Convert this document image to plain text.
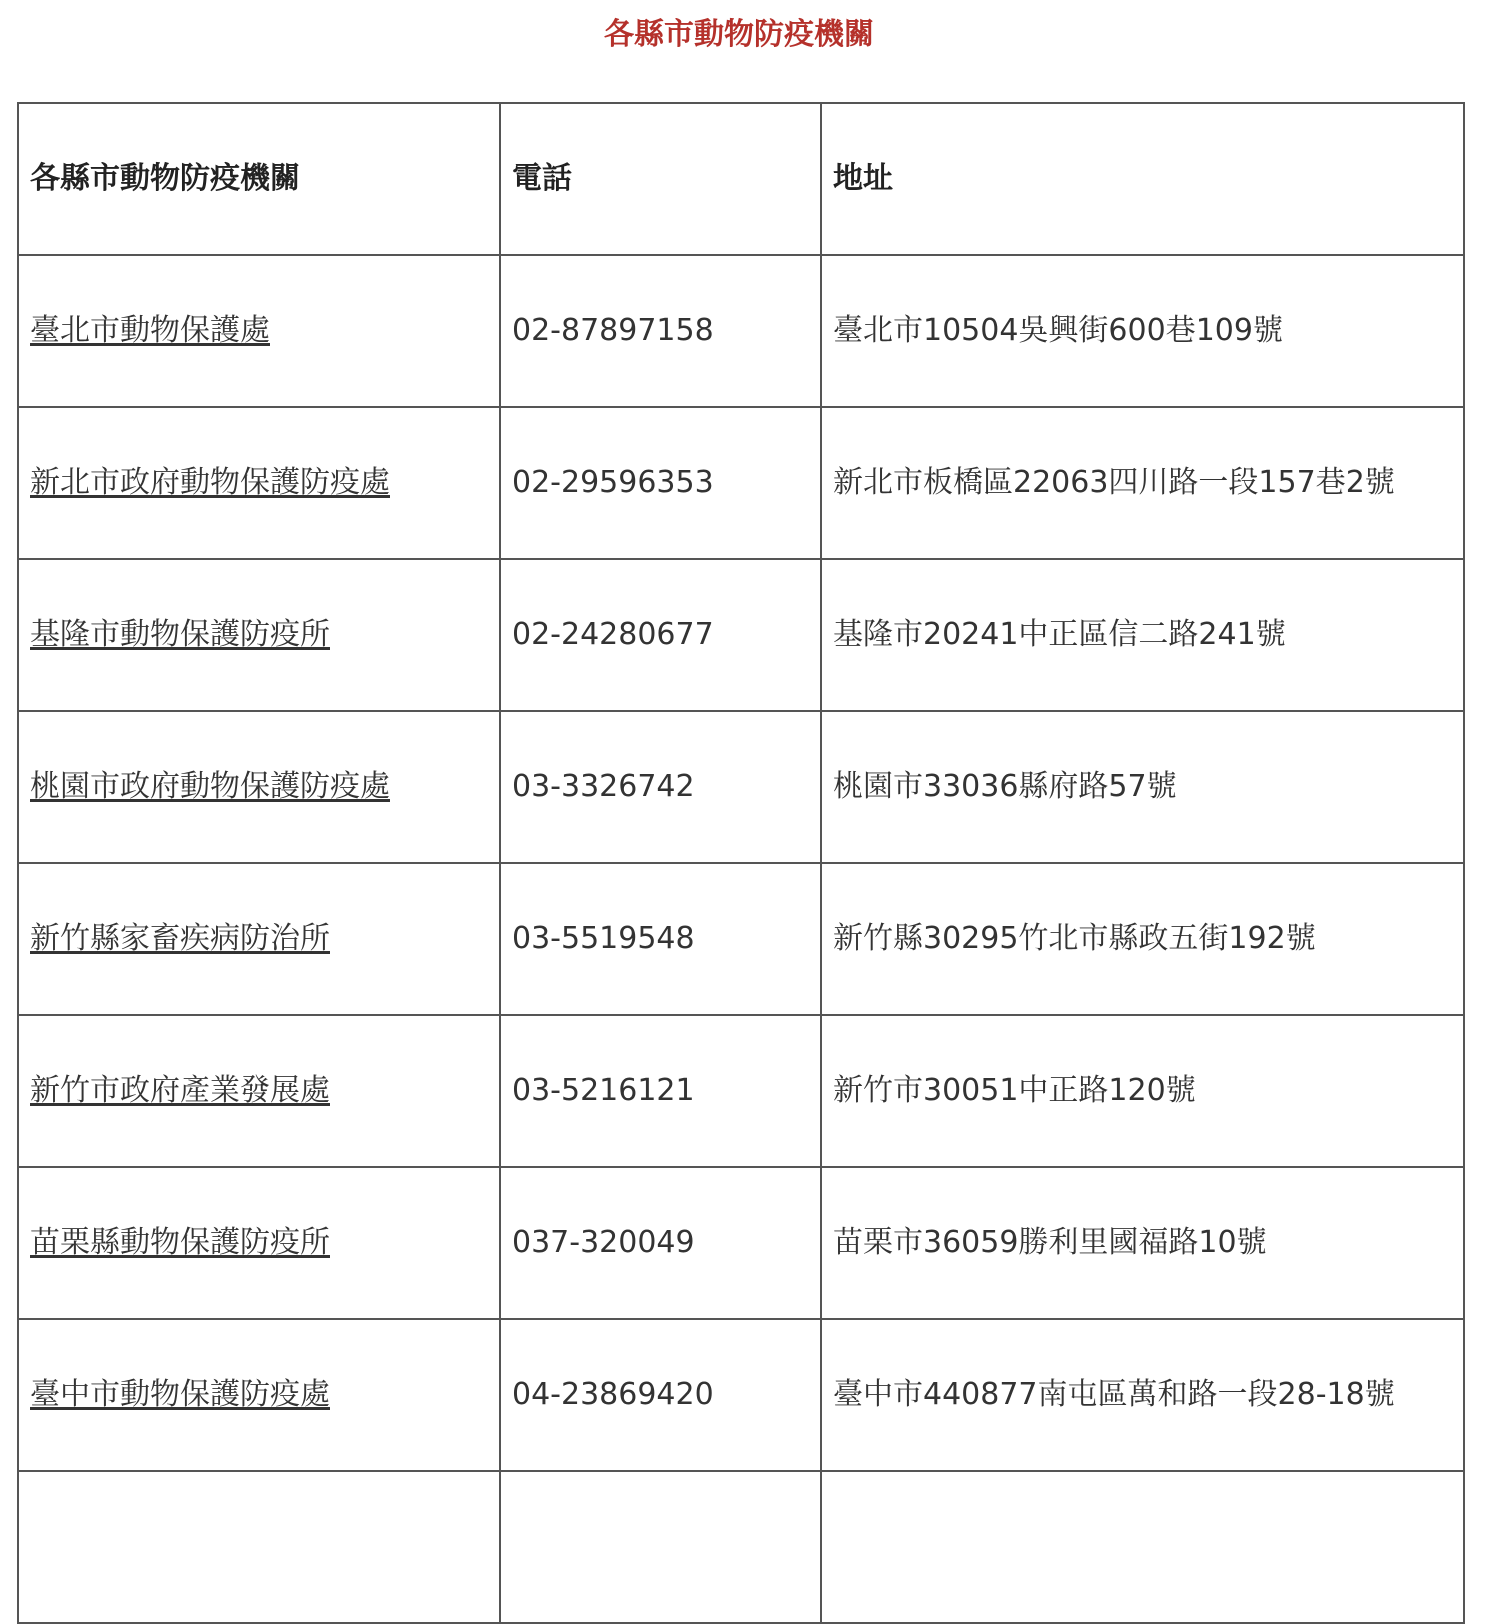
各縣市動物防疫機關
各縣市動物防疫機關	電話	地址
臺北市動物保護處	02-87897158	臺北市10504吳興街600巷109號
新北市政府動物保護防疫處	02-29596353	新北市板橋區22063四川路一段157巷2號
基隆市動物保護防疫所	02-24280677	基隆市20241中正區信二路241號
桃園市政府動物保護防疫處	03-3326742	桃園市33036縣府路57號
新竹縣家畜疾病防治所	03-5519548	新竹縣30295竹北市縣政五街192號
新竹市政府產業發展處	03-5216121	新竹市30051中正路120號
苗栗縣動物保護防疫所	037-320049	苗栗市36059勝利里國福路10號
臺中市動物保護防疫處	04-23869420	臺中市440877南屯區萬和路一段28-18號
